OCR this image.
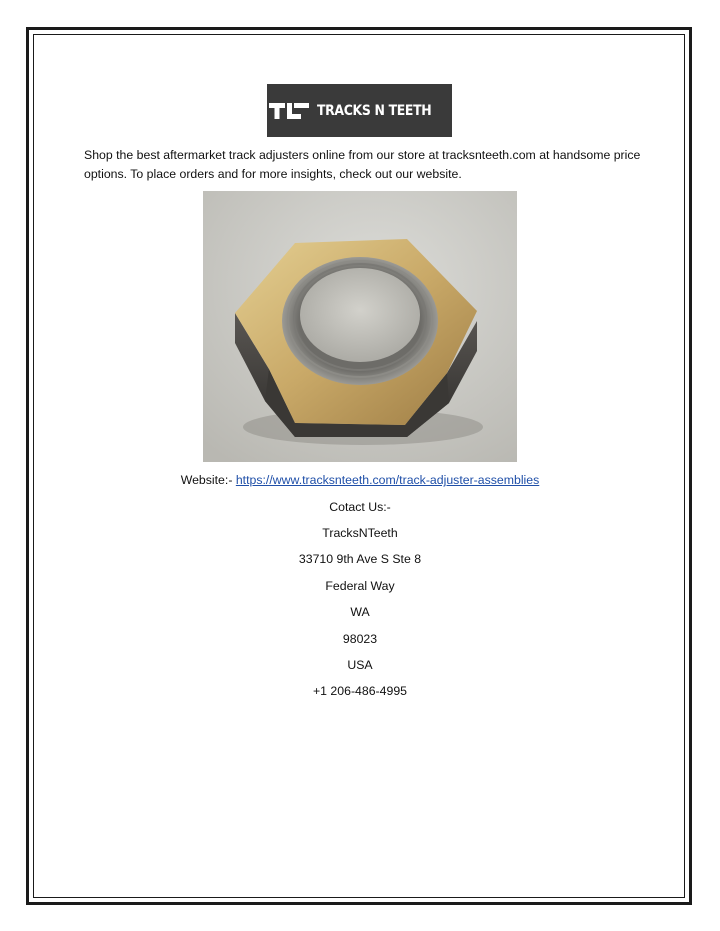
TRACKS N TEETH

Shop the best aftermarket track adjusters online from our store at tracksnteeth.com at handsome price options. To place orders and for more insights, check out our website.

Website:- https://www.tracksnteeth.com/track-adjuster-assemblies
Cotact Us:-
TracksNTeeth
33710 9th Ave S Ste 8
Federal Way
WA
98023
USA
+1 206-486-4995
